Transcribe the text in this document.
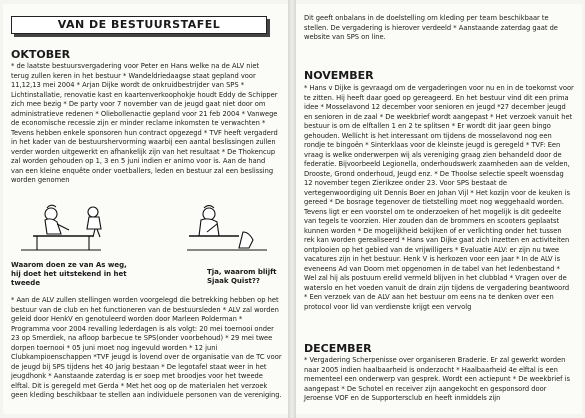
VAN DE BESTUURSTAFEL
OKTOBER

* de laatste bestuursvergadering voor Peter en Hans welke na de ALV niet terug zullen keren in het bestuur * Wandeldriedaagse staat gepland voor 11,12,13 mei 2004 * Arjan Dijke wordt de onkruidbestrijder van SPS * Lichtinstallatie, renovatie kast en kaartenverkoophokje houdt Eddy de Schipper zich mee bezig * De party voor 7 november van de jeugd gaat niet door om administratieve redenen * Oliebollenactie gepland voor 21 feb 2004 * Vanwege de economische recessie zijn er minder reclame inkomsten te verwachten * Tevens hebben enkele sponsoren hun contract opgezegd * TVF heeft vergaderd in het kader van de bestuurshervorming waarbij een aantal beslissingen zullen verder worden uitgewerkt en afhankelijk zijn van het resultaat * De Thokencup zal worden gehouden op 1, 3 en 5 juni indien er animo voor is. Aan de hand van een kleine enquête onder voetballers, leden en bestuur zal een beslissing worden genomen

Waarom doen ze van As weg, hij doet het uitstekend in het tweede
Tja, waarom blijft Sjaak Quist??

* Aan de ALV zullen stellingen worden voorgelegd die betrekking hebben op het bestuur van de club en het functioneren van de bestuursleden * ALV zal worden geleid door HenkV en genotuleerd worden door Marleen Polderman * Programma voor 2004 revalling lederdagen is als volgt: 20 mei toernooi onder 23 op Smerdiek, na afloop barbecue te SPS(onder voorbehoud) * 29 mei twee dorpen toernooi * 05 juni moet nog ingevuld worden * 12 juni Clubkampioenschappen *TVF jeugd is lovend over de organisatie van de TC voor de jeugd bij SPS tijdens het 40 jarig bestaan * De legotafel staat weer in het jeugdhonk * Aanstaande zaterdag is er soep met broodjes voor het tweede elftal. Dit is geregeld met Gerda * Met het oog op de materialen het verzoek geen kleding beschikbaar te stellen aan individuele personen van de vereniging.

Dit geeft onbalans in de doelstelling om kleding per team beschikbaar te stellen. De vergadering is hierover verdeeld * Aanstaande zaterdag gaat de website van SPS on line.

NOVEMBER

* Hans v Dijke is gevraagd om de vergaderingen voor nu en in de toekomst voor te zitten. Hij heeft daar goed op gereageerd. En het bestuur vind dit een prima idee * Mosselavond 12 december voor senioren en jeugd *27 december jeugd en senioren in de zaal * De weekbrief wordt aangepast * Het verzoek vanuit het bestuur is om de elftallen 1 en 2 te splitsen * Er wordt dit jaar geen bingo gehouden. Wellicht is het interessant om tijdens de mosselavond nog een rondje te bingoën * Sinterklaas voor de kleinste jeugd is geregeld * TVF: Een vraag is welke onderwerpen wij als vereniging graag zien behandeld door de federatie. Bijvoorbeeld Legionella, onderhoudswerk zaamheden aan de velden, Drooste, Grond onderhoud, Jeugd enz. * De Thoolse selectie speelt woensdag 12 november tegen Zierikzee onder 23. Voor SPS bestaat de vertegenwoordiging uit Dennis Boer en Johan Vijl * Het kozijn voor de keuken is gereed * De bosrage tegenover de tietstelling moet nog weggehaald worden. Tevens ligt er een voorstel om te onderzoeken of het mogelijk is dit gedeelte van tegels te voorzien. Hier zouden dan de brommers en scooters geplaatst kunnen worden * De mogelijkheid bekijken of er verlichting onder het tussen rek kan worden gerealiseerd * Hans van Dijke gaat zich inzetten en activiteiten ontplooien op het gebied van de vrijwilligers * Evaluatie ALV: er zijn nu twee vacatures zijn in het bestuur. Henk V is herkozen voor een jaar * In de ALV is eveneens Ad van Doorn met opgenomen in de tabel van het ledenbestand * Wel zal hij als postuum erelid vermeld blijven in het clubblad * Vragen over de waterslo en het voeden vanuit de drain zijn tijdens de vergadering beantwoord * Een verzoek van de ALV aan het bestuur om eens na te denken over een protocol voor lid van verdienste krijgt een vervolg

DECEMBER

* Vergadering Scherpenisse over organiseren Braderie. Er zal gewerkt worden naar 2005 indien haalbaarheid is onderzocht * Haalbaarheid 4e elftal is een mementeel een onderwerp van gesprek. Wordt een actiepunt * De weekbrief is aangepast * De Schotel en receiver zijn aangekocht en gesponsord door Jeroense VOF en de Supportersclub en heeft inmiddels zijn
